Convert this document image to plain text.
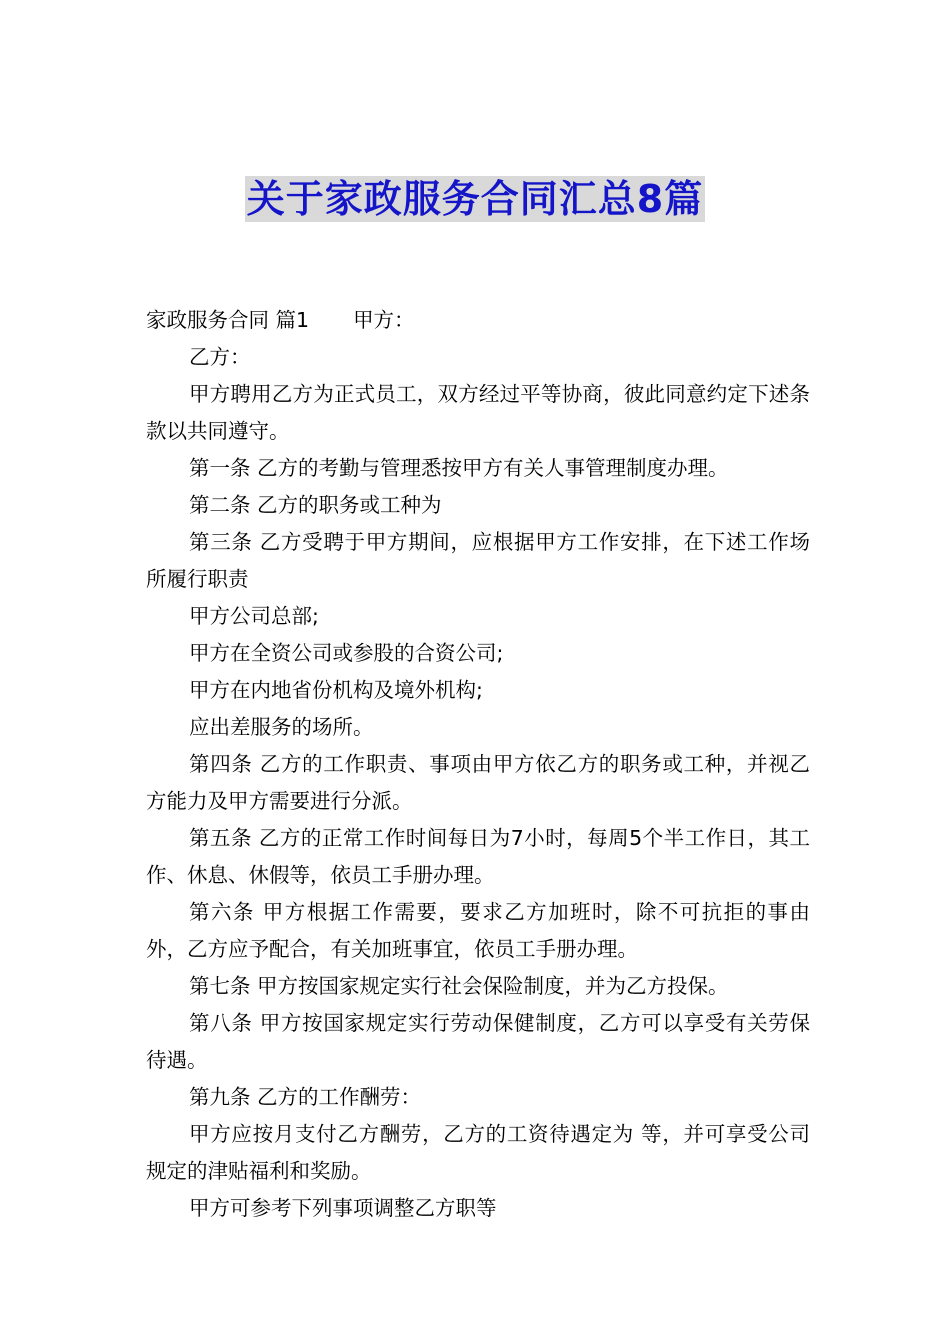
关于家政服务合同汇总8篇

家政服务合同 篇1 甲方：

乙方：

甲方聘用乙方为正式员工，双方经过平等协商，彼此同意约定下述条款以共同遵守。

第一条 乙方的考勤与管理悉按甲方有关人事管理制度办理。

第二条 乙方的职务或工种为

第三条 乙方受聘于甲方期间，应根据甲方工作安排，在下述工作场所履行职责

甲方公司总部;

甲方在全资公司或参股的合资公司;

甲方在内地省份机构及境外机构;

应出差服务的场所。

第四条 乙方的工作职责、事项由甲方依乙方的职务或工种，并视乙方能力及甲方需要进行分派。

第五条 乙方的正常工作时间每日为7小时，每周5个半工作日，其工作、休息、休假等，依员工手册办理。

第六条 甲方根据工作需要，要求乙方加班时，除不可抗拒的事由外，乙方应予配合，有关加班事宜，依员工手册办理。

第七条 甲方按国家规定实行社会保险制度，并为乙方投保。

第八条 甲方按国家规定实行劳动保健制度，乙方可以享受有关劳保待遇。

第九条 乙方的工作酬劳：

甲方应按月支付乙方酬劳，乙方的工资待遇定为 等，并可享受公司规定的津贴福利和奖励。

甲方可参考下列事项调整乙方职等
